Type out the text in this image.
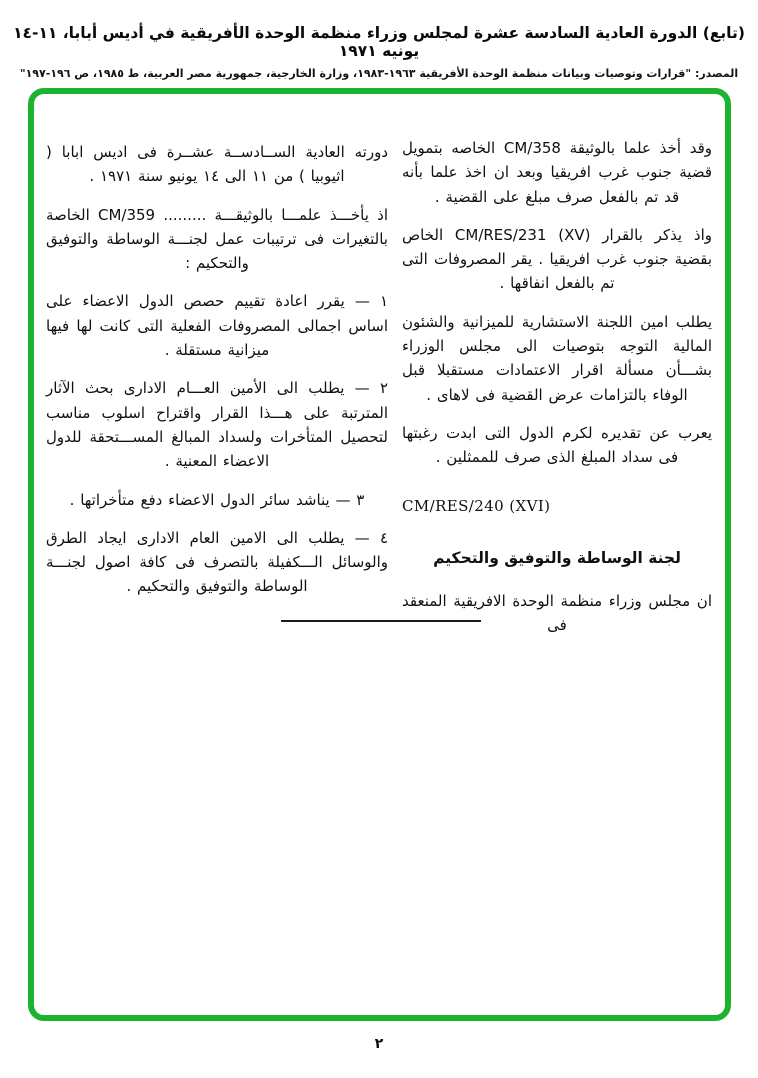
(تابع) الدورة العادية السادسة عشرة لمجلس وزراء منظمة الوحدة الأفريقية في أديس أبابا، ١١-١٤ يونيه ١٩٧١
المصدر: "قرارات وتوصيات وبيانات منظمة الوحدة الأفريقية ١٩٦٣-١٩٨٣، وزارة الخارجية، جمهورية مصر العربية، ط ١٩٨٥، ص ١٩٦-١٩٧"

وقد أخذ علما بالوثيقة CM/358 الخاصه بتمويل قضية جنوب غرب افريقيا وبعد ان اخذ علما بأنه قد تم بالفعل صرف مبلغ على القضية .

واذ يذكر بالقرار CM/RES/231 (XV) الخاص بقضية جنوب غرب افريقيا . يقر المصروفات التى تم بالفعل انفاقها .

يطلب امين اللجنة الاستشارية للميزانية والشئون المالية التوجه بتوصيات الى مجلس الوزراء بشـــأن مسألة اقرار الاعتمادات مستقبلا قبل الوفاء بالتزامات عرض القضية فى لاهاى .

يعرب عن تقديره لكرم الدول التى ابدت رغبتها فى سداد المبلغ الذى صرف للممثلين .

CM/RES/240 (XVI)
لجنة الوساطة والتوفيق والتحكيم

ان مجلس وزراء منظمة الوحدة الافريقية المنعقد فى

دورته العادية الســادســة عشــرة فى اديس ابابا ( اثيوبيا ) من ١١ الى ١٤ يونيو سنة ١٩٧١ .

اذ يأخـــذ علمـــا بالوثيقـــة ......... CM/359 الخاصة بالتغيرات فى ترتيبات عمل لجنـــة الوساطة والتوفيق والتحكيم :

١ — يقرر اعادة تقييم حصص الدول الاعضاء على اساس اجمالى المصروفات الفعلية التى كانت لها فيها ميزانية مستقلة .

٢ — يطلب الى الأمين العـــام الادارى بحث الآثار المترتبة على هـــذا القرار واقتراح اسلوب مناسب لتحصيل المتأخرات ولسداد المبالغ المســـتحقة للدول الاعضاء المعنية .

٣ — يناشد سائر الدول الاعضاء دفع متأخراتها .

٤ — يطلب الى الامين العام الادارى ايجاد الطرق والوسائل الـــكفيلة بالتصرف فى كافة اصول لجنـــة الوساطة والتوفيق والتحكيم .

٢
